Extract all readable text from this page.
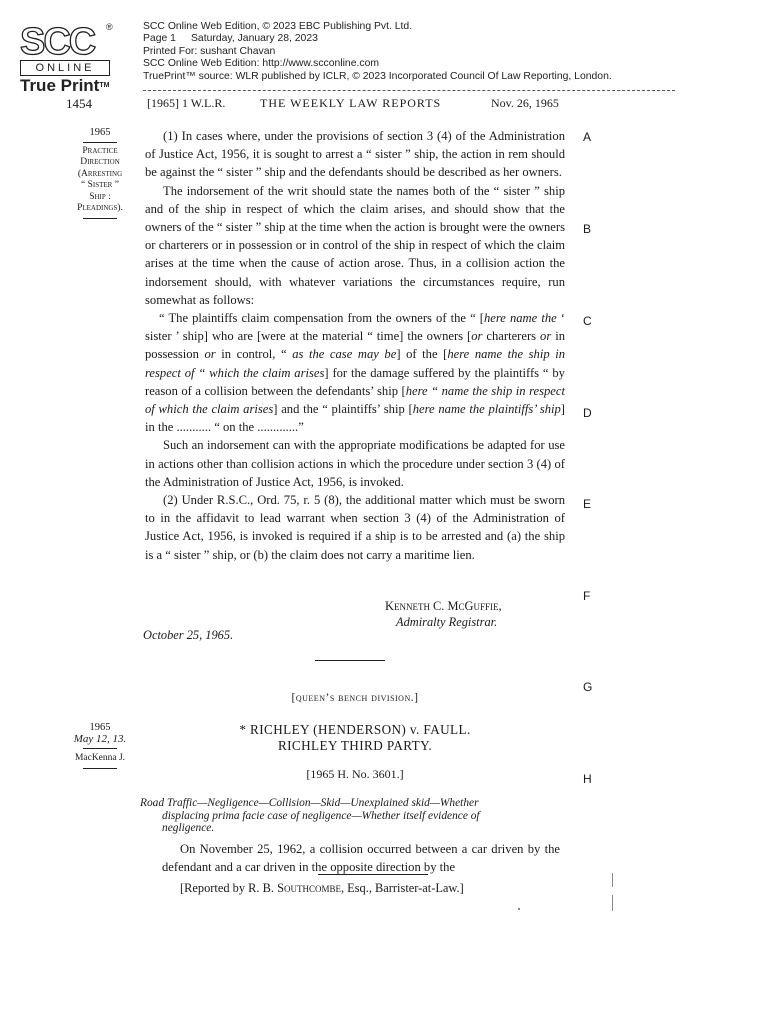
SCC ®
ONLINE
True Print™
SCC Online Web Edition, © 2023 EBC Publishing Pvt. Ltd.
Page 1 Saturday, January 28, 2023
Printed For: sushant Chavan
SCC Online Web Edition: http://www.scconline.com
TruePrint™ source: WLR published by ICLR, © 2023 Incorporated Council Of Law Reporting, London.
1454	[1965] 1 W.L.R.	THE WEEKLY LAW REPORTS	Nov. 26, 1965
1965
Practice
Direction
(Arresting
“ Sister ”
Ship :
Pleadings).
A
B
C
D
E
F
G
H

(1) In cases where, under the provisions of section 3 (4) of the Administration of Justice Act, 1956, it is sought to arrest a “ sister ” ship, the action in rem should be against the “ sister ” ship and the defendants should be described as her owners.

The indorsement of the writ should state the names both of the “ sister ” ship and of the ship in respect of which the claim arises, and should show that the owners of the “ sister ” ship at the time when the action is brought were the owners or charterers or in possession or in control of the ship in respect of which the claim arises at the time when the cause of action arose. Thus, in a collision action the indorsement should, with whatever variations the circumstances require, run somewhat as follows:

“ The plaintiffs claim compensation from the owners of the “ [here name the ‘ sister ’ ship] who are [were at the material “ time] the owners [or charterers or in possession or in control, “ as the case may be] of the [here name the ship in respect of “ which the claim arises] for the damage suffered by the plaintiffs “ by reason of a collision between the defendants’ ship [here “ name the ship in respect of which the claim arises] and the “ plaintiffs’ ship [here name the plaintiffs’ ship] in the ........... “ on the .............”

Such an indorsement can with the appropriate modifications be adapted for use in actions other than collision actions in which the procedure under section 3 (4) of the Administration of Justice Act, 1956, is invoked.

(2) Under R.S.C., Ord. 75, r. 5 (8), the additional matter which must be sworn to in the affidavit to lead warrant when section 3 (4) of the Administration of Justice Act, 1956, is invoked is required if a ship is to be arrested and (a) the ship is a “ sister ” ship, or (b) the claim does not carry a maritime lien.

Kenneth C. McGuffie,
Admiralty Registrar.
October 25, 1965.
[queen’s bench division.]
1965
May 12, 13.
MacKenna J.
* RICHLEY (HENDERSON) v. FAULL.
RICHLEY THIRD PARTY.
[1965 H. No. 3601.]
Road Traffic—Negligence—Collision—Skid—Unexplained skid—Whether
displacing prima facie case of negligence—Whether itself evidence of
negligence.

On November 25, 1962, a collision occurred between a car driven by the defendant and a car driven in the opposite direction by the

[Reported by R. B. Southcombe, Esq., Barrister-at-Law.]
